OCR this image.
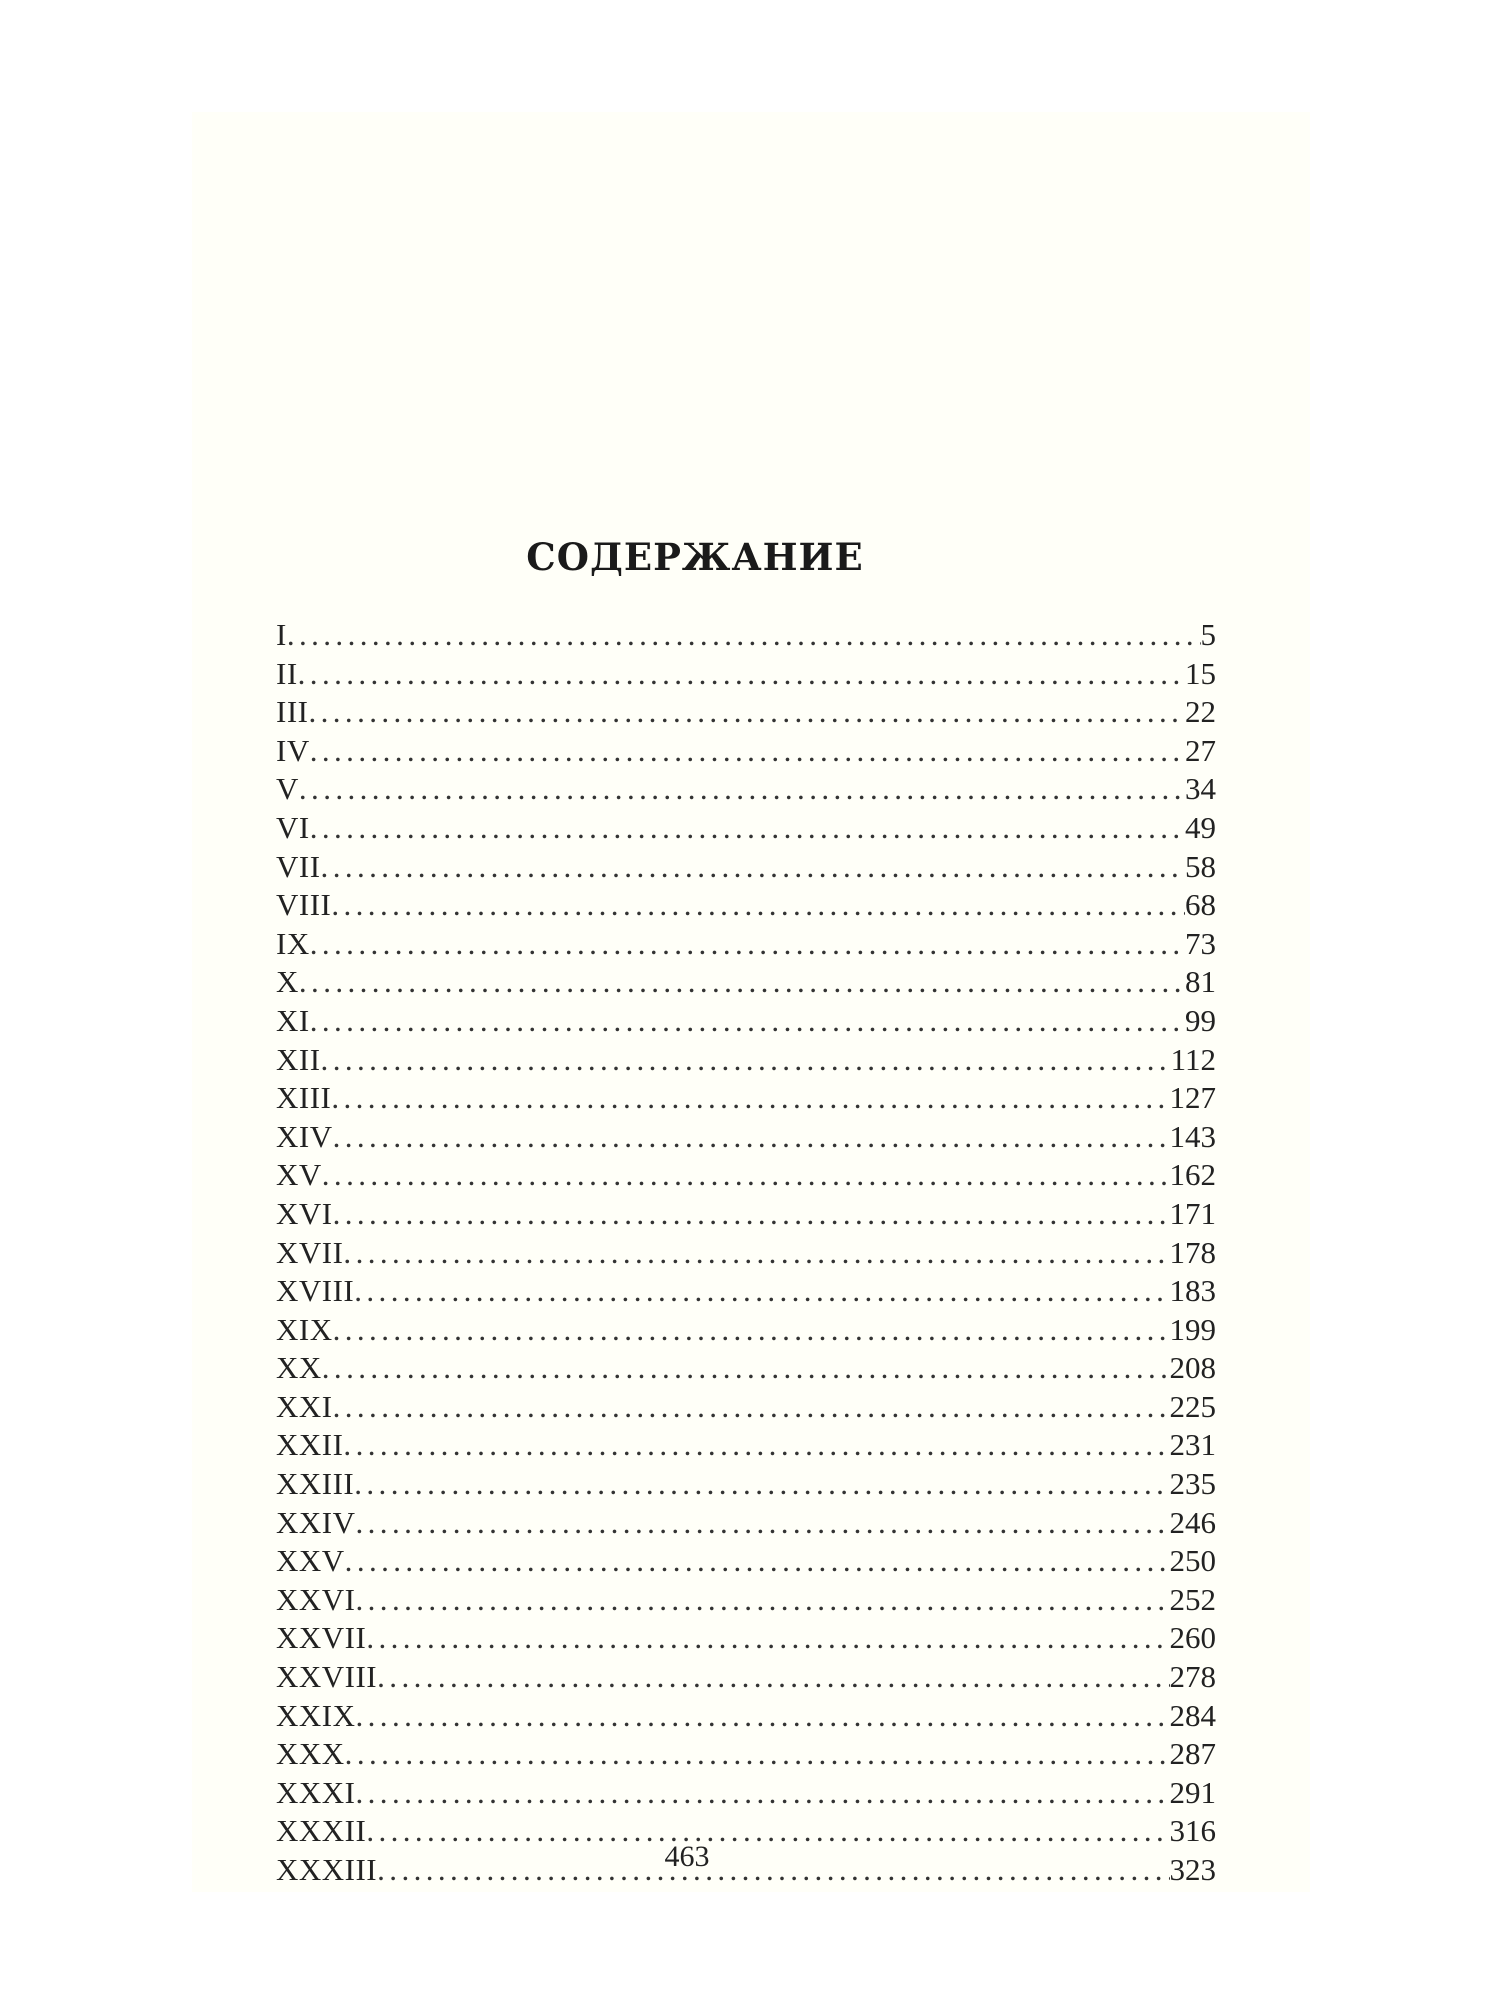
СОДЕРЖАНИЕ
I .....	5
II .....	15
III .....	22
IV .....	27
V .....	34
VI .....	49
VII .....	58
VIII .....	68
IX .....	73
X .....	81
XI .....	99
XII .....	112
XIII .....	127
XIV .....	143
XV .....	162
XVI .....	171
XVII .....	178
XVIII .....	183
XIX .....	199
XX .....	208
XXI .....	225
XXII .....	231
XXIII .....	235
XXIV .....	246
XXV .....	250
XXVI .....	252
XXVII .....	260
XXVIII .....	278
XXIX .....	284
XXX .....	287
XXXI .....	291
XXXII .....	316
XXXIII .....	323
463
